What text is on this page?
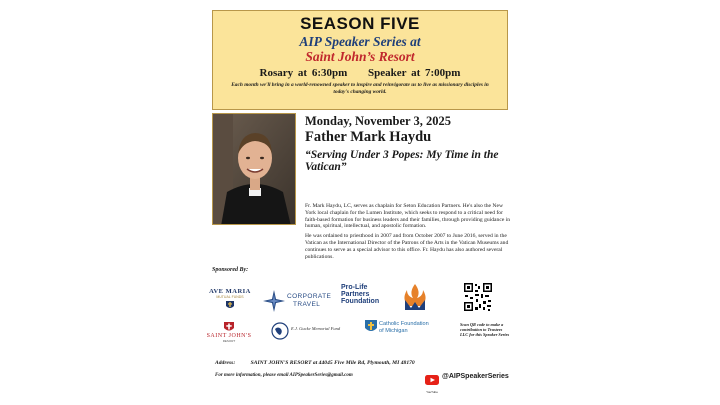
SEASON FIVE
AIP Speaker Series at
Saint John’s Resort
Rosary at 6:30pm Speaker at 7:00pm
Each month we'll bring in a world-renowned speaker to inspire and reinvigorate us to live as missionary disciples in today's changing world.
Monday, November 3, 2025
Father Mark Haydu
“Serving Under 3 Popes: My Time in the Vatican”

Fr. Mark Haydu, LC, serves as chaplain for Seton Education Partners. He's also the New York local chaplain for the Lumen Institute, which seeks to respond to a critical need for faith-based formation for business leaders and their families, through providing guidance in human, spiritual, intellectual, and apostolic formation.

He was ordained to priesthood in 2007 and from October 2007 to June 2016, served in the Vatican as the International Director of the Patrons of the Arts in the Vatican Museums and continues to serve as a special advisor to this office. Fr. Haydu has also authored several publications.

Sponsored By:
AVE MARIA
MUTUAL FUNDS	CORPORATE
TRAVEL
Pro-Life
Partners
Foundation
SAINT JOHN'S
RESORT
E.J. Gucke Memorial Fund
Catholic Foundation
of Michigan
Scan QR code to make a contribution to Trustees LLC for this Speaker Series
Address:	SAINT JOHN'S RESORT at 44045 Five Mile Rd, Plymouth, MI 48170
For more information, please email AIPSpeakerSeries@gmail.com
YouTube
@AIPSpeakerSeries
